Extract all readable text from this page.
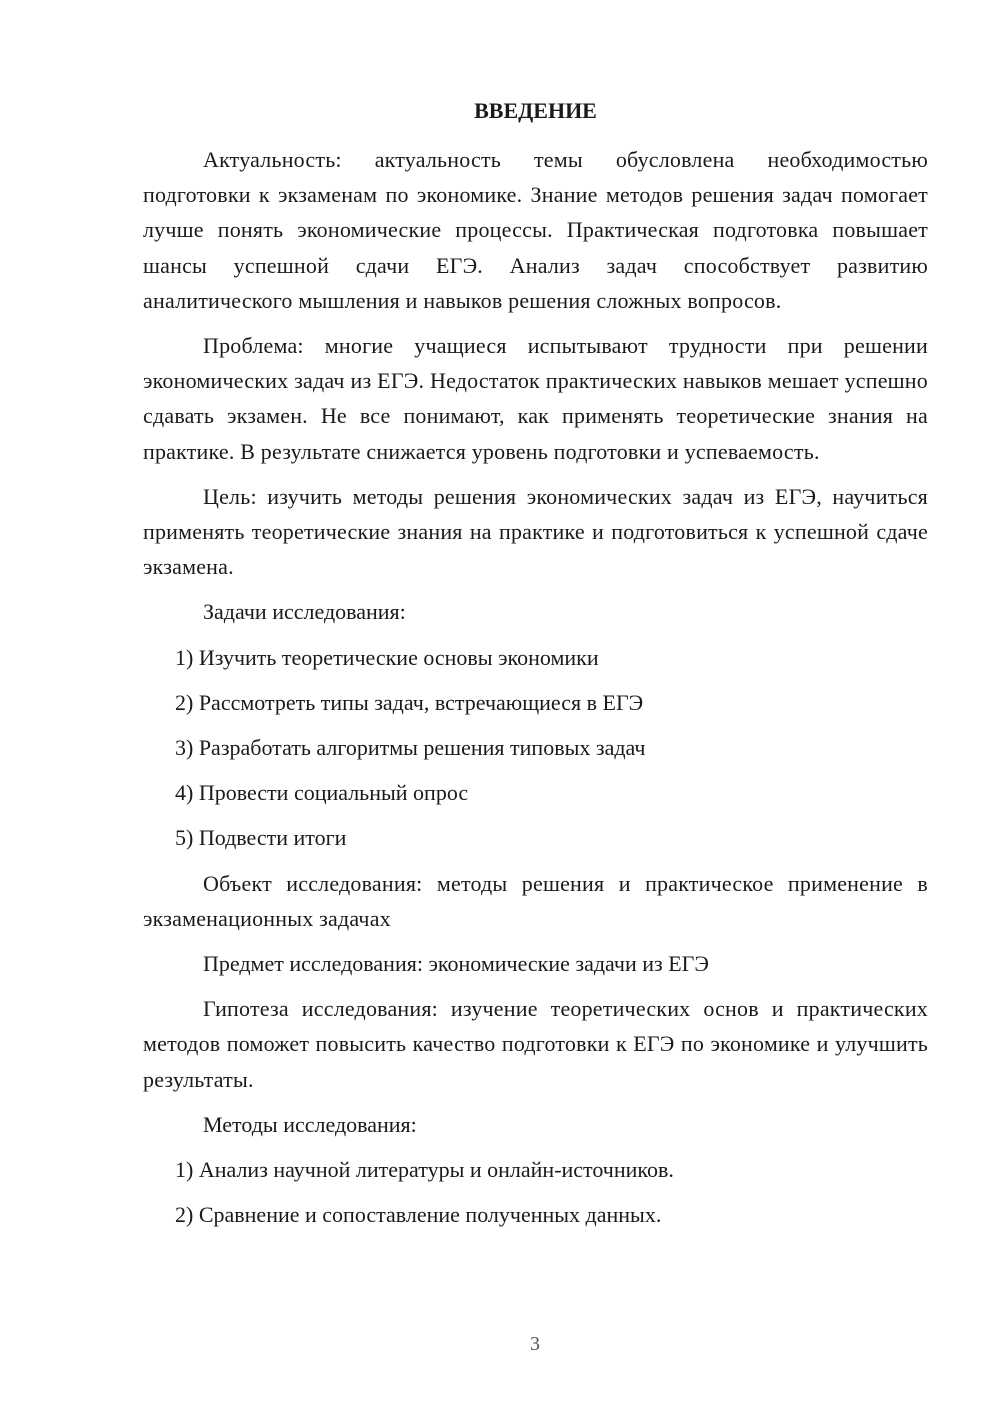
ВВЕДЕНИЕ

Актуальность: актуальность темы обусловлена необходимостью подготовки к экзаменам по экономике. Знание методов решения задач помогает лучше понять экономические процессы. Практическая подготовка повышает шансы успешной сдачи ЕГЭ. Анализ задач способствует развитию аналитического мышления и навыков решения сложных вопросов.

Проблема: многие учащиеся испытывают трудности при решении экономических задач из ЕГЭ. Недостаток практических навыков мешает успешно сдавать экзамен. Не все понимают, как применять теоретические знания на практике. В результате снижается уровень подготовки и успеваемость.

Цель: изучить методы решения экономических задач из ЕГЭ, научиться применять теоретические знания на практике и подготовиться к успешной сдаче экзамена.

Задачи исследования:
1) Изучить теоретические основы экономики
2) Рассмотреть типы задач, встречающиеся в ЕГЭ
3) Разработать алгоритмы решения типовых задач
4) Провести социальный опрос
5) Подвести итоги

Объект исследования: методы решения и практическое применение в экзаменационных задачах

Предмет исследования: экономические задачи из ЕГЭ

Гипотеза исследования: изучение теоретических основ и практических методов поможет повысить качество подготовки к ЕГЭ по экономике и улучшить результаты.

Методы исследования:
1) Анализ научной литературы и онлайн-источников.
2) Сравнение и сопоставление полученных данных.
3
